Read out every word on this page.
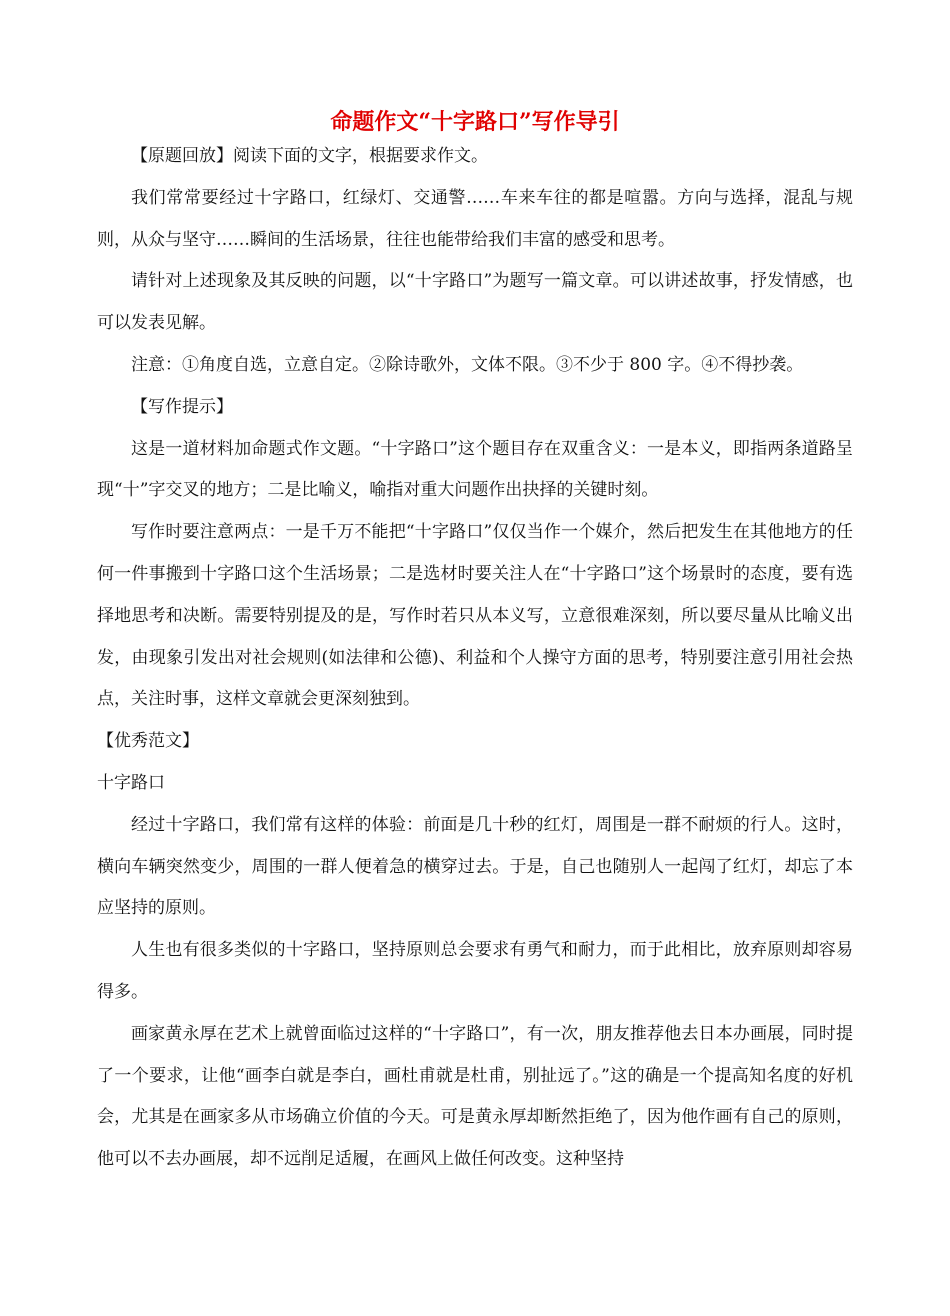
命题作文“十字路口”写作导引

【原题回放】阅读下面的文字，根据要求作文。

我们常常要经过十字路口，红绿灯、交通警……车来车往的都是喧嚣。方向与选择，混乱与规则，从众与坚守……瞬间的生活场景，往往也能带给我们丰富的感受和思考。

请针对上述现象及其反映的问题，以“十字路口”为题写一篇文章。可以讲述故事，抒发情感，也可以发表见解。

注意：①角度自选，立意自定。②除诗歌外，文体不限。③不少于 800 字。④不得抄袭。

【写作提示】

这是一道材料加命题式作文题。“十字路口”这个题目存在双重含义：一是本义，即指两条道路呈现“十”字交叉的地方；二是比喻义，喻指对重大问题作出抉择的关键时刻。

写作时要注意两点：一是千万不能把“十字路口”仅仅当作一个媒介，然后把发生在其他地方的任何一件事搬到十字路口这个生活场景；二是选材时要关注人在“十字路口”这个场景时的态度，要有选择地思考和决断。需要特别提及的是，写作时若只从本义写，立意很难深刻，所以要尽量从比喻义出发，由现象引发出对社会规则(如法律和公德)、利益和个人操守方面的思考，特别要注意引用社会热点，关注时事，这样文章就会更深刻独到。

【优秀范文】

十字路口

经过十字路口，我们常有这样的体验：前面是几十秒的红灯，周围是一群不耐烦的行人。这时，横向车辆突然变少，周围的一群人便着急的横穿过去。于是，自己也随别人一起闯了红灯，却忘了本应坚持的原则。

人生也有很多类似的十字路口，坚持原则总会要求有勇气和耐力，而于此相比，放弃原则却容易得多。

画家黄永厚在艺术上就曾面临过这样的“十字路口”，有一次，朋友推荐他去日本办画展，同时提了一个要求，让他“画李白就是李白，画杜甫就是杜甫，别扯远了。”这的确是一个提高知名度的好机会，尤其是在画家多从市场确立价值的今天。可是黄永厚却断然拒绝了，因为他作画有自己的原则，他可以不去办画展，却不远削足适履，在画风上做任何改变。这种坚持
